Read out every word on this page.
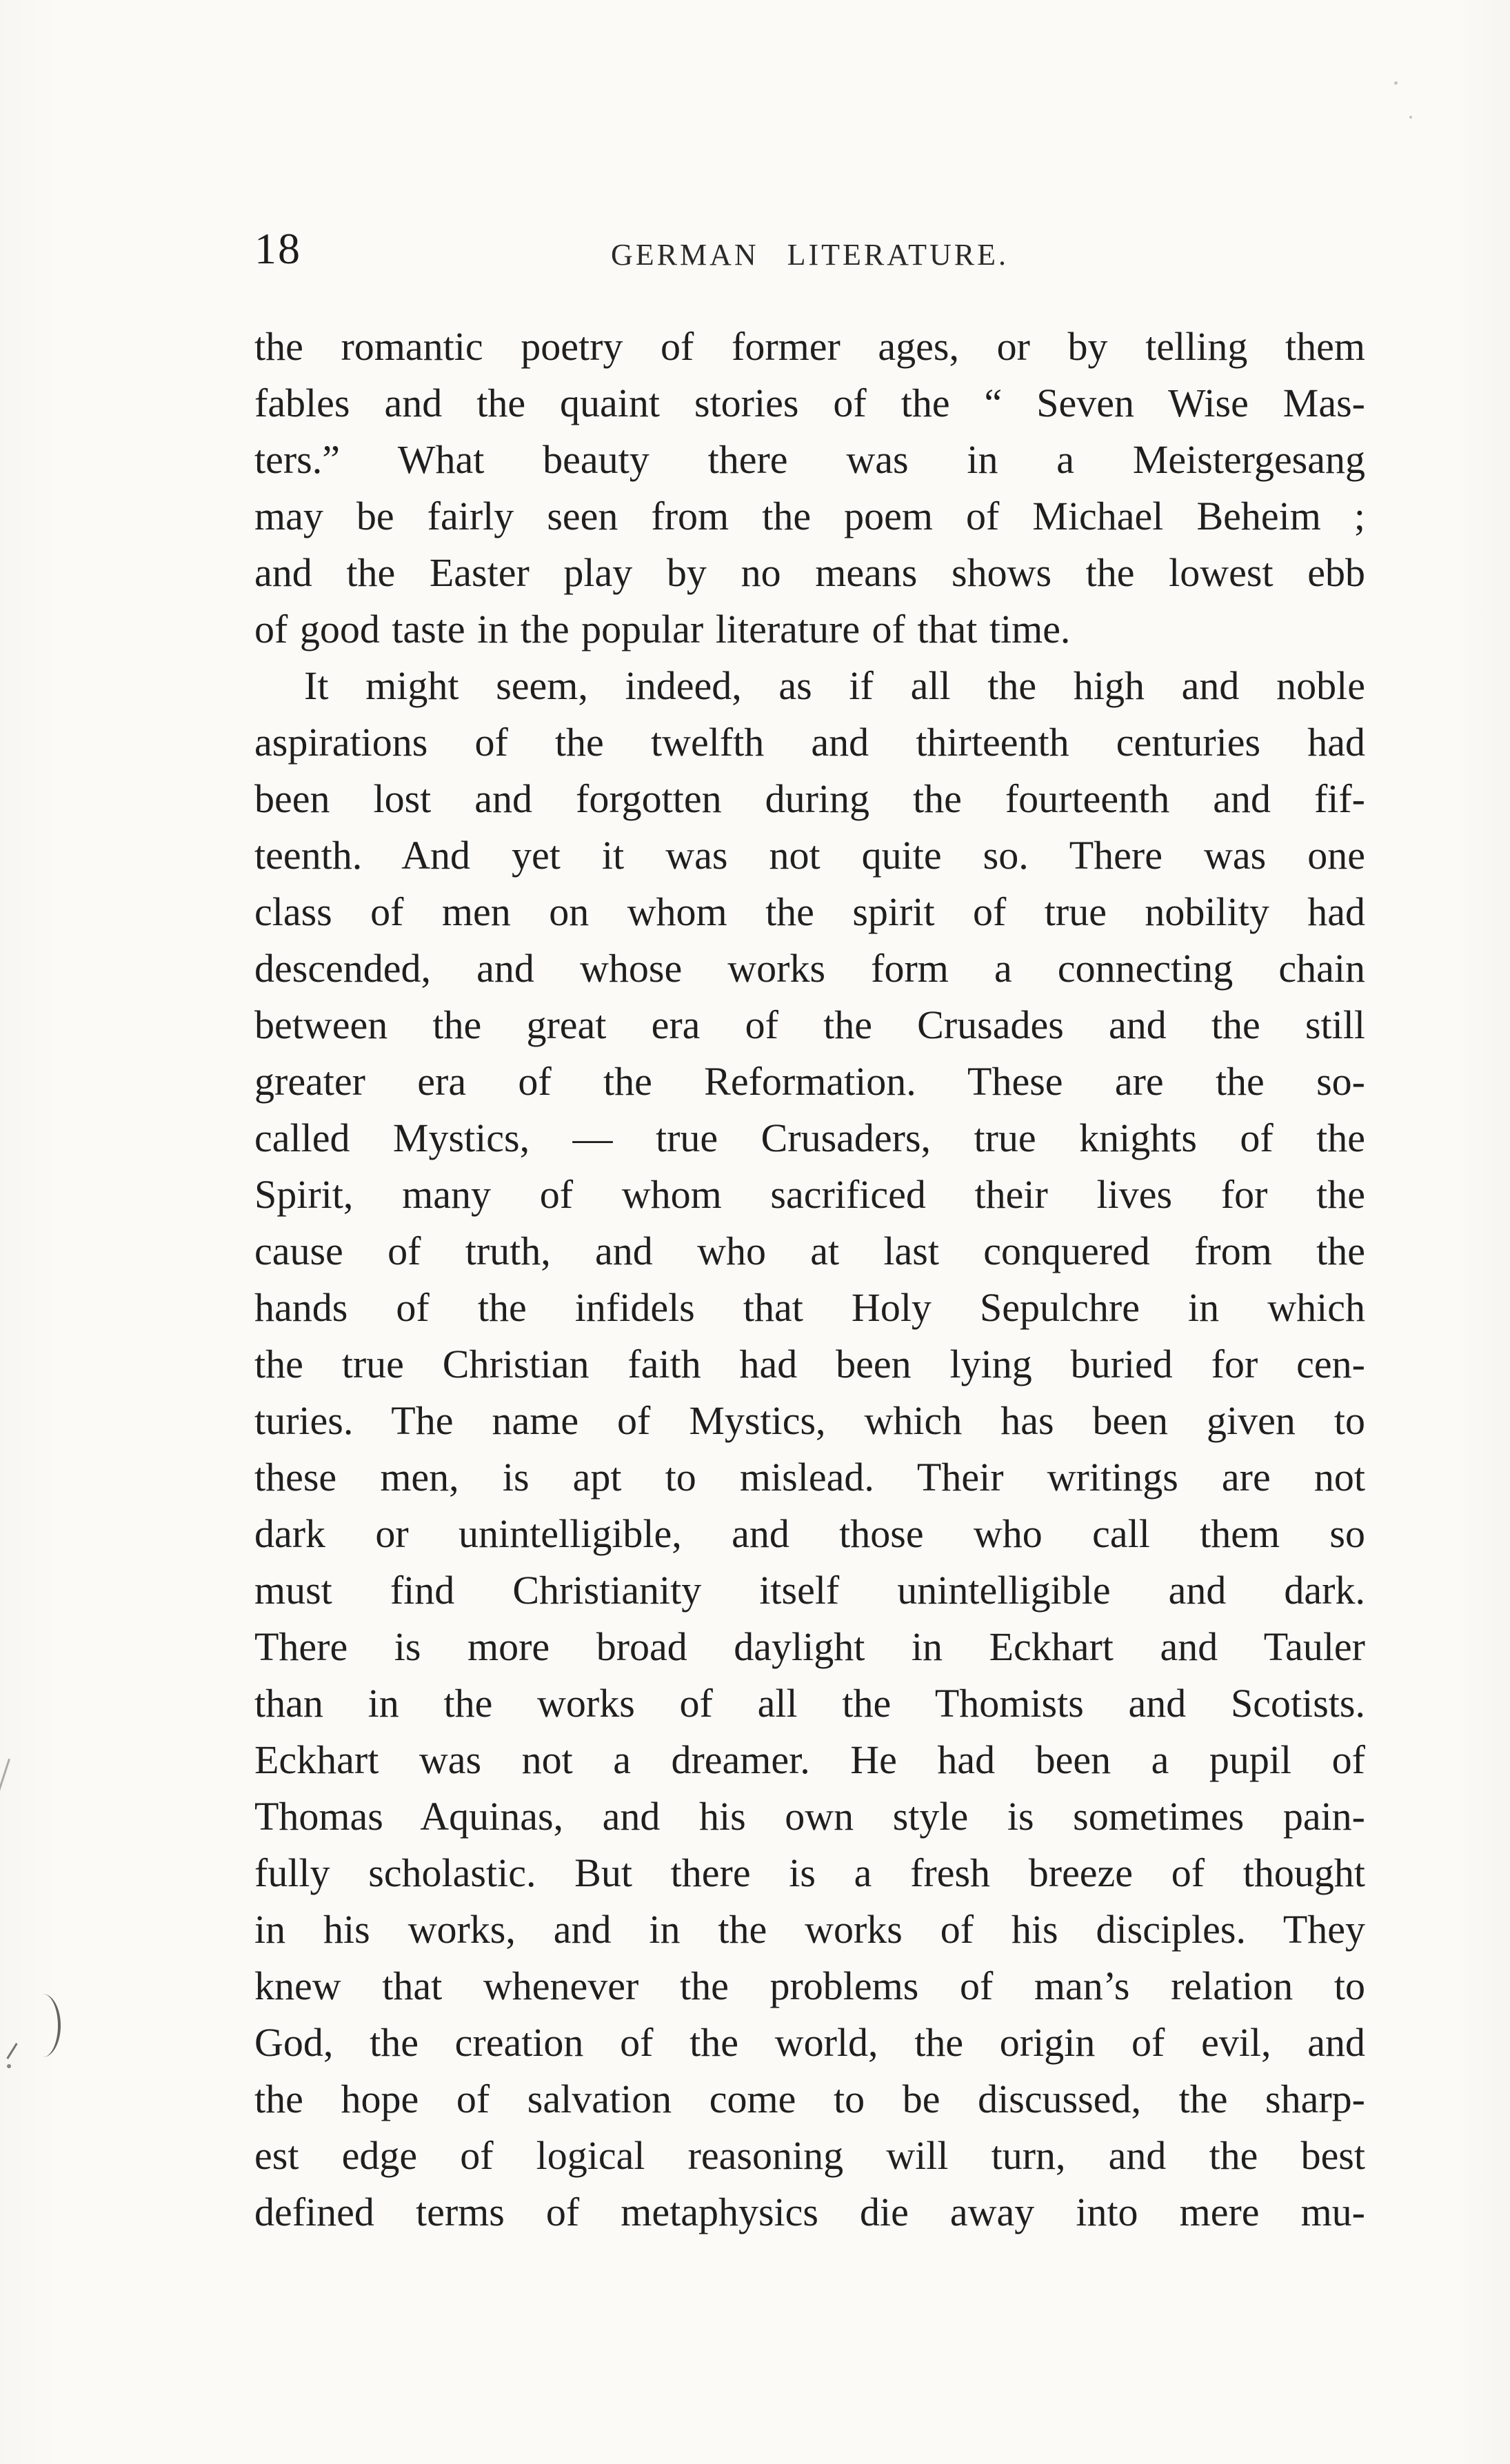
18	GERMAN LITERATURE.
the romantic poetry of former ages, or by telling them
fables and the quaint stories of the “ Seven Wise Mas-
ters.” What beauty there was in a Meistergesang
may be fairly seen from the poem of Michael Beheim ;
and the Easter play by no means shows the lowest ebb
of good taste in the popular literature of that time.
It might seem, indeed, as if all the high and noble
aspirations of the twelfth and thirteenth centuries had
been lost and forgotten during the fourteenth and fif-
teenth. And yet it was not quite so. There was one
class of men on whom the spirit of true nobility had
descended, and whose works form a connecting chain
between the great era of the Crusades and the still
greater era of the Reformation. These are the so-
called Mystics, — true Crusaders, true knights of the
Spirit, many of whom sacrificed their lives for the
cause of truth, and who at last conquered from the
hands of the infidels that Holy Sepulchre in which
the true Christian faith had been lying buried for cen-
turies. The name of Mystics, which has been given to
these men, is apt to mislead. Their writings are not
dark or unintelligible, and those who call them so
must find Christianity itself unintelligible and dark.
There is more broad daylight in Eckhart and Tauler
than in the works of all the Thomists and Scotists.
Eckhart was not a dreamer. He had been a pupil of
Thomas Aquinas, and his own style is sometimes pain-
fully scholastic. But there is a fresh breeze of thought
in his works, and in the works of his disciples. They
knew that whenever the problems of man’s relation to
God, the creation of the world, the origin of evil, and
the hope of salvation come to be discussed, the sharp-
est edge of logical reasoning will turn, and the best
defined terms of metaphysics die away into mere mu-
